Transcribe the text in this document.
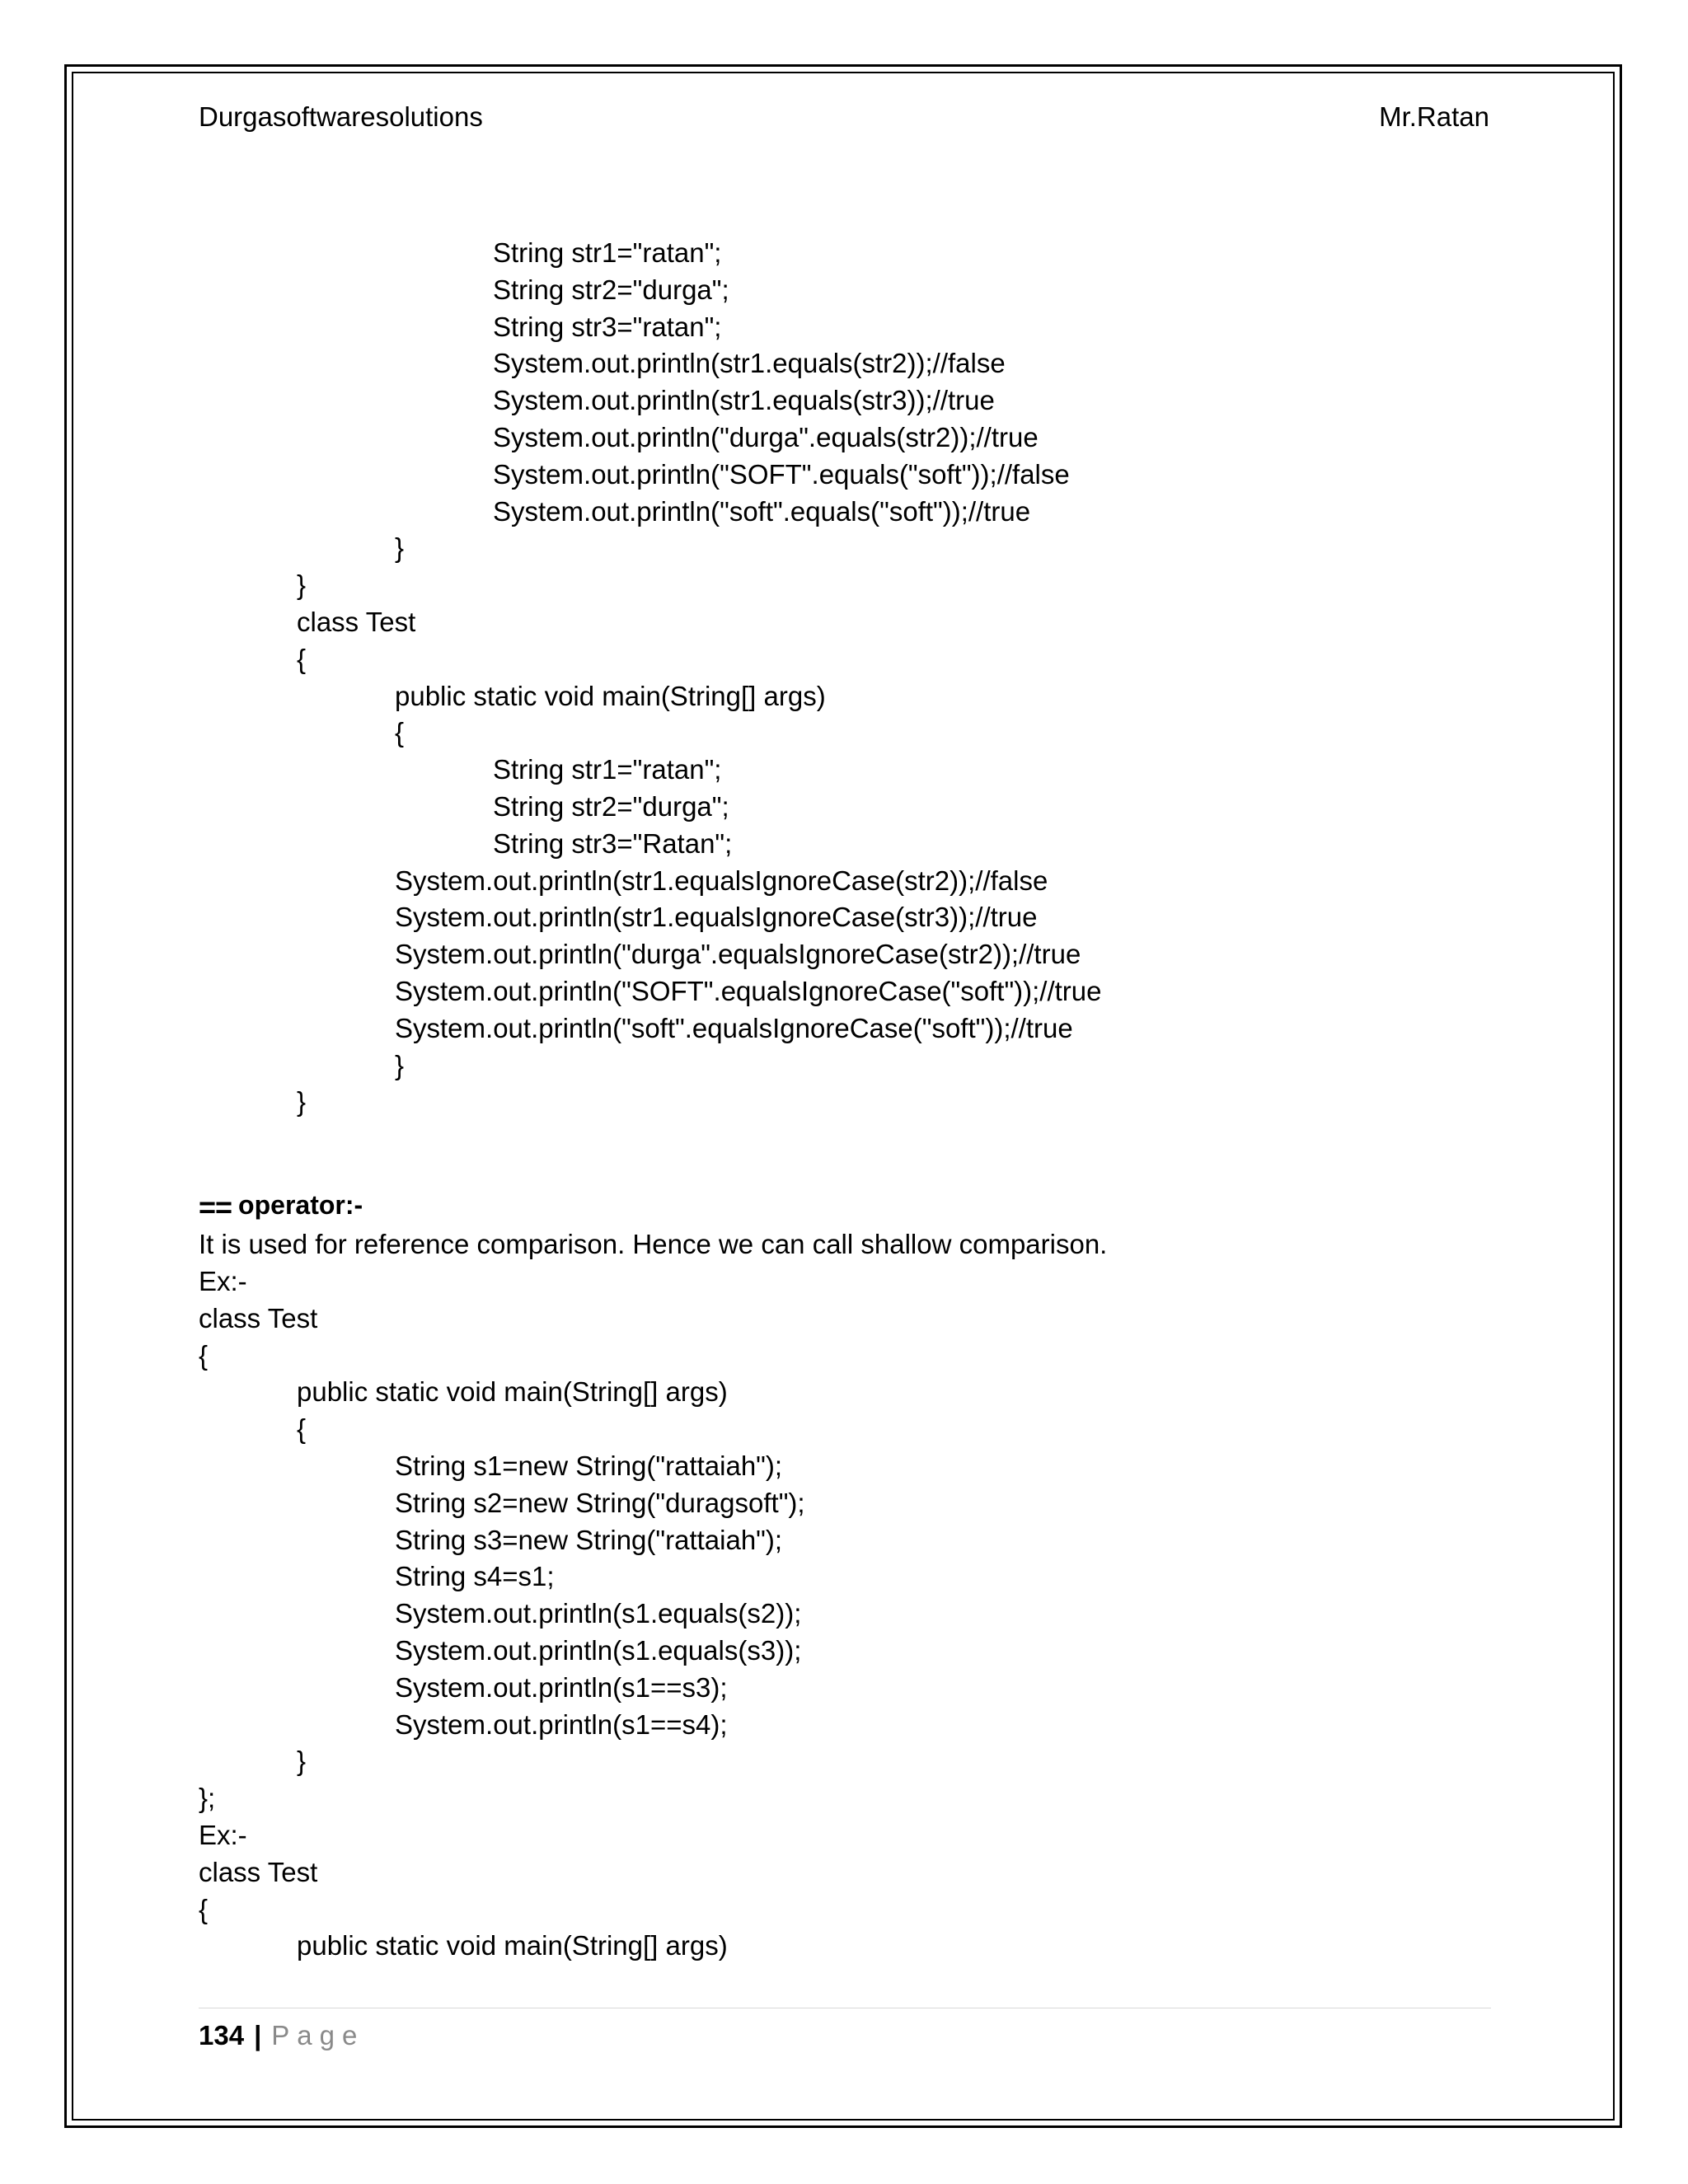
Durgasoftwaresolutions	Mr.Ratan
String str1="ratan";
String str2="durga";
String str3="ratan";
System.out.println(str1.equals(str2));//false
System.out.println(str1.equals(str3));//true
System.out.println("durga".equals(str2));//true
System.out.println("SOFT".equals("soft"));//false
System.out.println("soft".equals("soft"));//true
}
}
class Test
{
public static void main(String[] args)
{
String str1="ratan";
String str2="durga";
String str3="Ratan";
System.out.println(str1.equalsIgnoreCase(str2));//false
System.out.println(str1.equalsIgnoreCase(str3));//true
System.out.println("durga".equalsIgnoreCase(str2));//true
System.out.println("SOFT".equalsIgnoreCase("soft"));//true
System.out.println("soft".equalsIgnoreCase("soft"));//true
}
}
== operator:-
It is used for reference comparison. Hence we can call shallow comparison.
Ex:-
class Test
{
public static void main(String[] args)
{
String s1=new String("rattaiah");
String s2=new String("duragsoft");
String s3=new String("rattaiah");
String s4=s1;
System.out.println(s1.equals(s2));
System.out.println(s1.equals(s3));
System.out.println(s1==s3);
System.out.println(s1==s4);
}
};
Ex:-
class Test
{
public static void main(String[] args)
134 | Page
